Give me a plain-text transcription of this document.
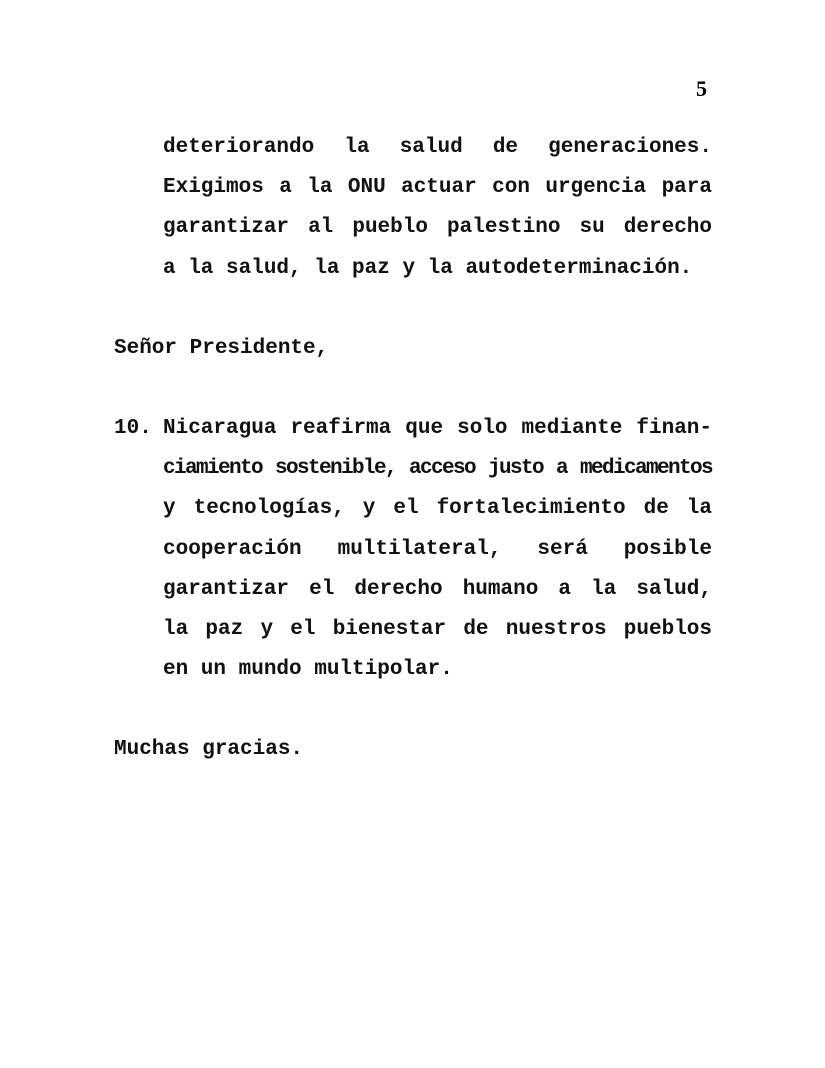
5
deteriorando la salud de generaciones.
Exigimos a la ONU actuar con urgencia para
garantizar al pueblo palestino su derecho
a la salud, la paz y la autodeterminación.
Señor Presidente,
10. Nicaragua reafirma que solo mediante finan-
ciamiento sostenible, acceso justo a medicamentos
y tecnologías, y el fortalecimiento de la
cooperación multilateral, será posible
garantizar el derecho humano a la salud,
la paz y el bienestar de nuestros pueblos
en un mundo multipolar.
Muchas gracias.
